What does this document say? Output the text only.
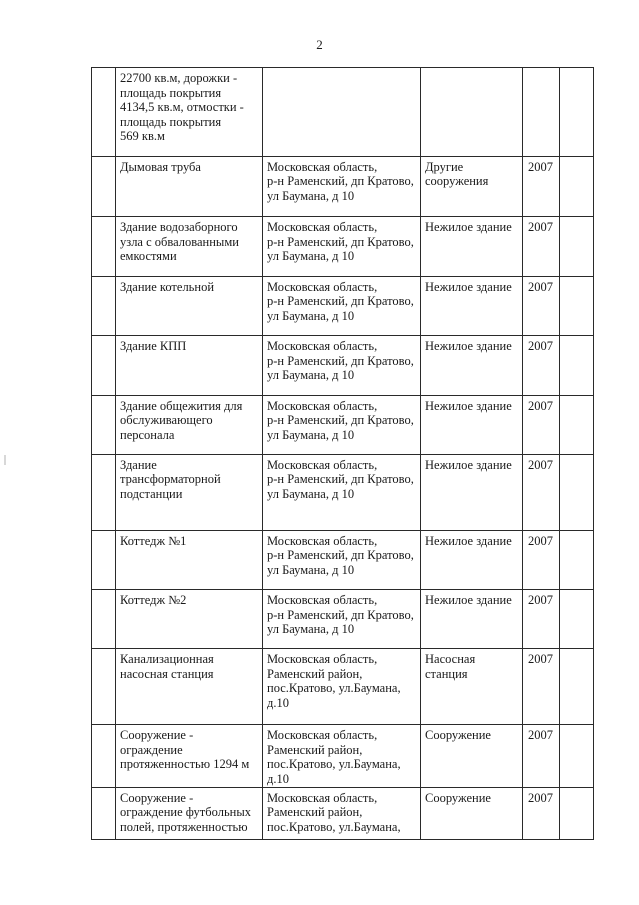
2

	22700 кв.м, дорожки -
площадь покрытия
4134,5 кв.м, отмостки -
площадь покрытия
569 кв.м				

	Дымовая труба	Московская область,
р-н Раменский, дп Кратово,
ул Баумана, д 10	Другие
сооружения	2007	

	Здание водозаборного
узла с обвалованными
емкостями	Московская область,
р-н Раменский, дп Кратово,
ул Баумана, д 10	Нежилое здание	2007	

	Здание котельной	Московская область,
р-н Раменский, дп Кратово,
ул Баумана, д 10	Нежилое здание	2007	

	Здание КПП	Московская область,
р-н Раменский, дп Кратово,
ул Баумана, д 10	Нежилое здание	2007	

	Здание общежития для
обслуживающего
персонала	Московская область,
р-н Раменский, дп Кратово,
ул Баумана, д 10	Нежилое здание	2007	

	Здание
трансформаторной
подстанции	Московская область,
р-н Раменский, дп Кратово,
ул Баумана, д 10	Нежилое здание	2007	

	Коттедж №1	Московская область,
р-н Раменский, дп Кратово,
ул Баумана, д 10	Нежилое здание	2007	

	Коттедж №2	Московская область,
р-н Раменский, дп Кратово,
ул Баумана, д 10	Нежилое здание	2007	

	Канализационная
насосная станция	Московская область,
Раменский район,
пос.Кратово, ул.Баумана,
д.10	Насосная
станция	2007	

	Сооружение -
ограждение
протяженностью 1294 м	Московская область,
Раменский район,
пос.Кратово, ул.Баумана,
д.10	Сооружение	2007	

	Сооружение -
ограждение футбольных
полей, протяженностью	Московская область,
Раменский район,
пос.Кратово, ул.Баумана,	Сооружение	2007	
